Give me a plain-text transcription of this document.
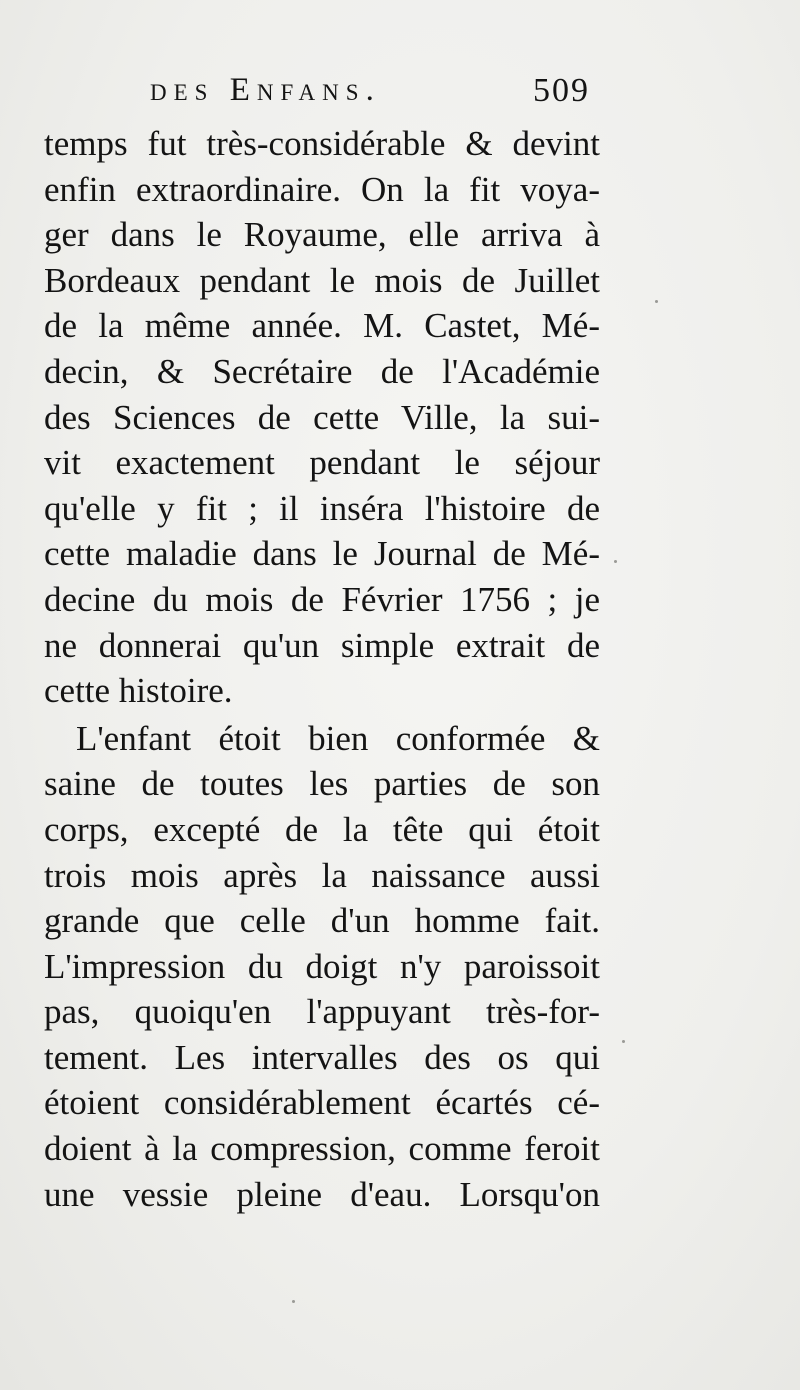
des Enfans.	509
temps fut très-considérable & devint
enfin extraordinaire. On la fit voya-
ger dans le Royaume, elle arriva à
Bordeaux pendant le mois de Juillet
de la même année. M. Castet, Mé-
decin, & Secrétaire de l'Académie
des Sciences de cette Ville, la sui-
vit exactement pendant le séjour
qu'elle y fit ; il inséra l'histoire de
cette maladie dans le Journal de Mé-
decine du mois de Février 1756 ; je
ne donnerai qu'un simple extrait de
cette histoire.
L'enfant étoit bien conformée &
saine de toutes les parties de son
corps, excepté de la tête qui étoit
trois mois après la naissance aussi
grande que celle d'un homme fait.
L'impression du doigt n'y paroissoit
pas, quoiqu'en l'appuyant très-for-
tement. Les intervalles des os qui
étoient considérablement écartés cé-
doient à la compression, comme feroit
une vessie pleine d'eau. Lorsqu'on
